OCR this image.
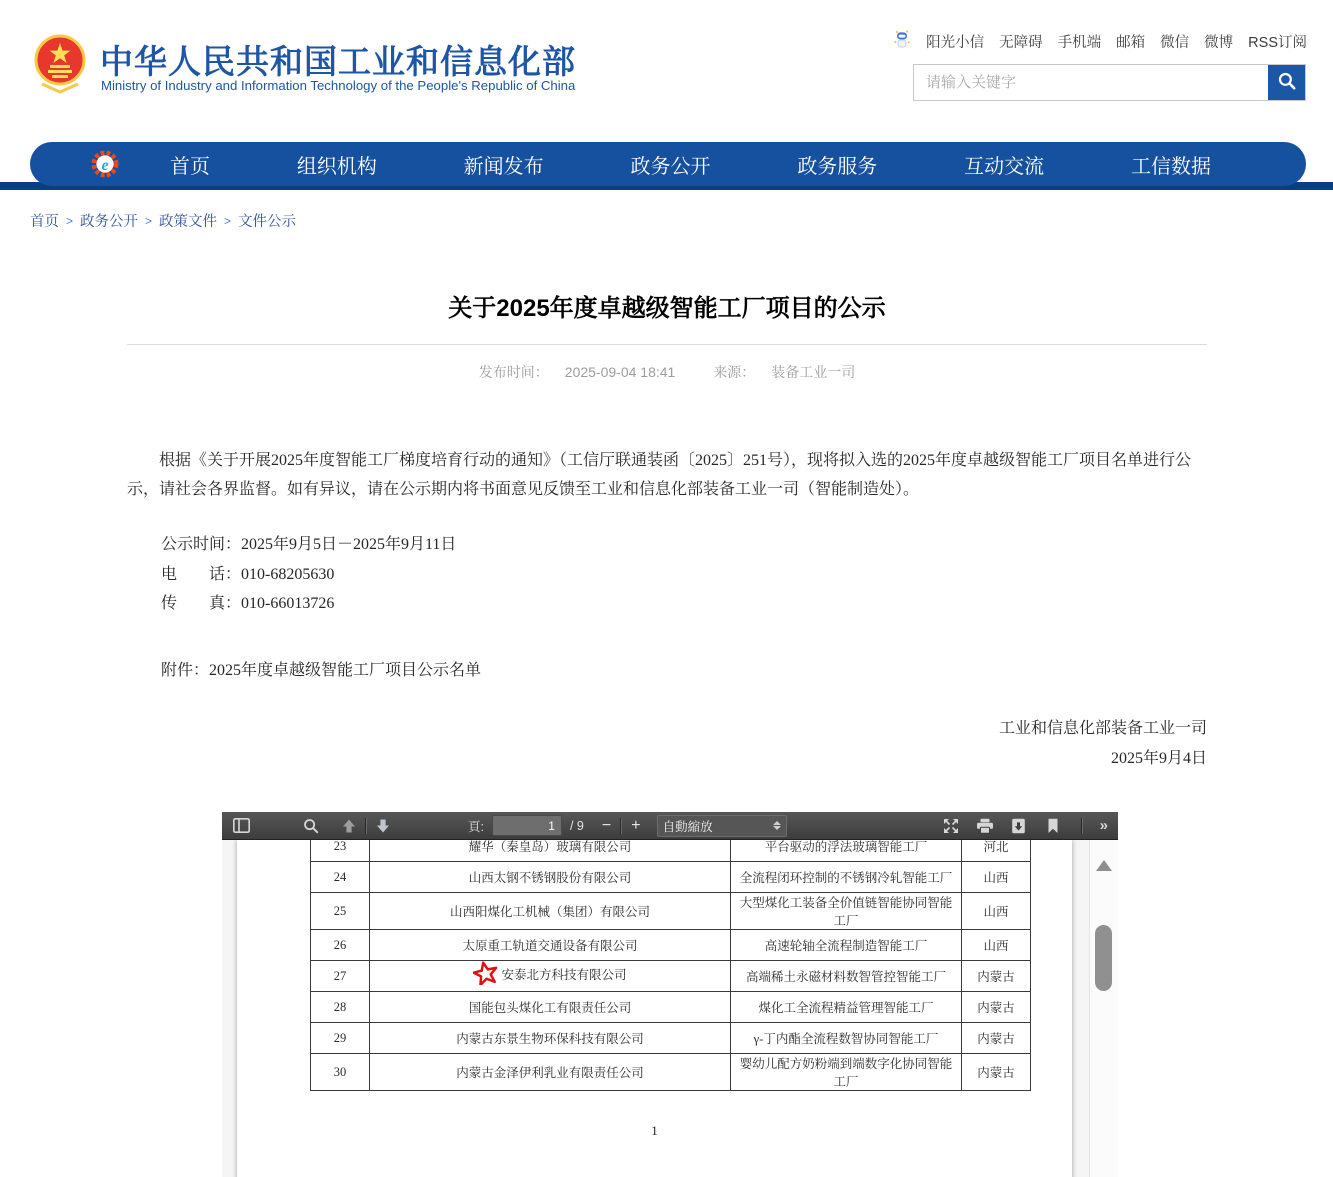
中华人民共和国工业和信息化部
Ministry of Industry and Information Technology of the People's Republic of China
阳光小信 无障碍 手机端 邮箱 微信 微博 RSS订阅
请输入关键字
e	首页	组织机构	新闻发布	政务公开	政务服务	互动交流	工信数据
首页 > 政务公开 > 政策文件 > 文件公示
关于2025年度卓越级智能工厂项目的公示
发布时间： 2025-09-04 18:41	来源： 装备工业一司

根据《关于开展2025年度智能工厂梯度培育行动的通知》（工信厅联通装函〔2025〕251号），现将拟入选的2025年度卓越级智能工厂项目名单进行公示，请社会各界监督。如有异议，请在公示期内将书面意见反馈至工业和信息化部装备工业一司（智能制造处）。

公示时间：2025年9月5日－2025年9月11日
电　　话：010-68205630
传　　真：010-66013726
附件：2025年度卓越级智能工厂项目公示名单
工业和信息化部装备工业一司
2025年9月4日
頁:
1	/ 9 − +	自動縮放	»
23	耀华（秦皇岛）玻璃有限公司	平台驱动的浮法玻璃智能工厂	河北
24	山西太钢不锈钢股份有限公司	全流程闭环控制的不锈钢冷轧智能工厂	山西
25	山西阳煤化工机械（集团）有限公司	大型煤化工装备全价值链智能协同智能工厂	山西
26	太原重工轨道交通设备有限公司	高速轮轴全流程制造智能工厂	山西
27	安泰北方科技有限公司	高端稀土永磁材料数智管控智能工厂	内蒙古
28	国能包头煤化工有限责任公司	煤化工全流程精益管理智能工厂	内蒙古
29	内蒙古东景生物环保科技有限公司	γ-丁内酯全流程数智协同智能工厂	内蒙古
30	内蒙古金泽伊利乳业有限责任公司	婴幼儿配方奶粉端到端数字化协同智能工厂	内蒙古
1
